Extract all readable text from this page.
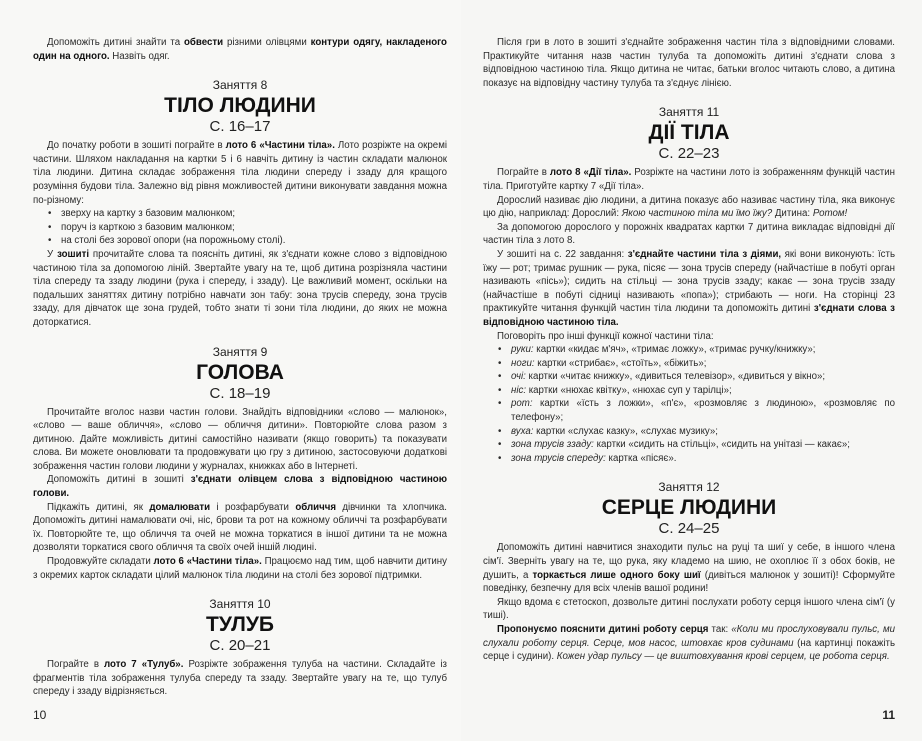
Допоможіть дитині знайти та обвести різними олівцями контури одягу, накладеного один на одного. Назвіть одяг.

Заняття 8
ТІЛО ЛЮДИНИ
С. 16–17

До початку роботи в зошиті пограйте в лото 6 «Частини тіла». Лото розріжте на окремі частини. Шляхом накладання на картки 5 і 6 навчіть дитину із частин складати малюнок тіла людини. Дитина складає зображення тіла людини спереду і ззаду для кращого розуміння будови тіла. Залежно від рівня можливостей дитини виконувати завдання можна по-різному:

• зверху на картку з базовим малюнком;
• поруч із карткою з базовим малюнком;
• на столі без зорової опори (на порожньому столі).

У зошиті прочитайте слова та поясніть дитині, як з'єднати кожне слово з відповідною частиною тіла за допомогою ліній. Звертайте увагу на те, щоб дитина розрізняла частини тіла спереду та ззаду людини (рука і спереду, і ззаду). Це важливий момент, оскільки на подальших заняттях дитину потрібно навчати зон табу: зона трусів спереду, зона трусів ззаду, для дівчаток ще зона грудей, тобто знати ті зони тіла людини, до яких не можна доторкатися.

Заняття 9
ГОЛОВА
С. 18–19

Прочитайте вголос назви частин голови. Знайдіть відповідники «слово — малюнок», «слово — ваше обличчя», «слово — обличчя дитини». Повторюйте слова разом з дитиною. Дайте можливість дитині самостійно називати (якщо говорить) та показувати слова. Ви можете оновлювати та продовжувати цю гру з дитиною, застосовуючи додаткові зображення частин голови людини у журналах, книжках або в Інтернеті.

Допоможіть дитині в зошиті з'єднати олівцем слова з відповідною частиною голови.

Підкажіть дитині, як домалювати і розфарбувати обличчя дівчинки та хлопчика. Допоможіть дитині намалювати очі, ніс, брови та рот на кожному обличчі та розфарбувати їх. Повторюйте те, що обличчя та очей не можна торкатися в іншої дитини та не можна дозволяти торкатися свого обличчя та своїх очей іншій людині.

Продовжуйте складати лото 6 «Частини тіла». Працюємо над тим, щоб навчити дитину з окремих карток складати цілий малюнок тіла людини на столі без зорової підтримки.

Заняття 10
ТУЛУБ
С. 20–21

Пограйте в лото 7 «Тулуб». Розріжте зображення тулуба на частини. Складайте із фрагментів тіла зображення тулуба спереду та ззаду. Звертайте увагу на те, що тулуб спереду і ззаду відрізняється.

10

Після гри в лото в зошиті з'єднайте зображення частин тіла з відповідними словами. Практикуйте читання назв частин тулуба та допоможіть дитині з'єднати слова з відповідною частиною тіла. Якщо дитина не читає, батьки вголос читають слово, а дитина показує на відповідну частину тулуба та з'єднує лінією.

Заняття 11
ДІЇ ТІЛА
С. 22–23

Пограйте в лото 8 «Дії тіла». Розріжте на частини лото із зображенням функцій частин тіла. Приготуйте картку 7 «Дії тіла».

Дорослий називає дію людини, а дитина показує або називає частину тіла, яка виконує цю дію, наприклад: Дорослий: Якою частиною тіла ми їмо їжу? Дитина: Ротом!

За допомогою дорослого у порожніх квадратах картки 7 дитина викладає відповідні дії частин тіла з лото 8.

У зошиті на с. 22 завдання: з'єднайте частини тіла з діями, які вони виконують: їсть їжу — рот; тримає рушник — рука, пісяє — зона трусів спереду (найчастіше в побуті орган називають «пісь»); сидить на стільці — зона трусів ззаду; какає — зона трусів ззаду (найчастіше в побуті сідниці називають «попа»); стрибають — ноги. На сторінці 23 практикуйте читання функцій частин тіла людини та допоможіть дитині з'єднати слова з відповідною частиною тіла.

Поговоріть про інші функції кожної частини тіла:

• руки: картки «кидає м'яч», «тримає ложку», «тримає ручку/книжку»;
• ноги: картки «стрибає», «стоїть», «біжить»;
• очі: картки «читає книжку», «дивиться телевізор», «дивиться у вікно»;
• ніс: картки «нюхає квітку», «нюхає суп у тарілці»;
• рот: картки «їсть з ложки», «п'є», «розмовляє з людиною», «розмовляє по телефону»;
• вуха: картки «слухає казку», «слухає музику»;
• зона трусів ззаду: картки «сидить на стільці», «сидить на унітазі — какає»;
• зона трусів спереду: картка «пісяє».
Заняття 12
СЕРЦЕ ЛЮДИНИ
С. 24–25

Допоможіть дитині навчитися знаходити пульс на руці та шиї у себе, в іншого члена сім'ї. Зверніть увагу на те, що рука, яку кладемо на шию, не охоплює її з обох боків, не душить, а торкається лише одного боку шиї (дивіться малюнок у зошиті)! Сформуйте поведінку, безпечну для всіх членів вашої родини!

Якщо вдома є стетоскоп, дозвольте дитині послухати роботу серця іншого члена сім'ї (у тиші).

Пропонуємо пояснити дитині роботу серця так: «Коли ми прослуховували пульс, ми слухали роботу серця. Серце, мов насос, штовхає кров судинами (на картинці покажіть серце і судини). Кожен удар пульсу — це виштовхування крові серцем, це робота серця.

11
